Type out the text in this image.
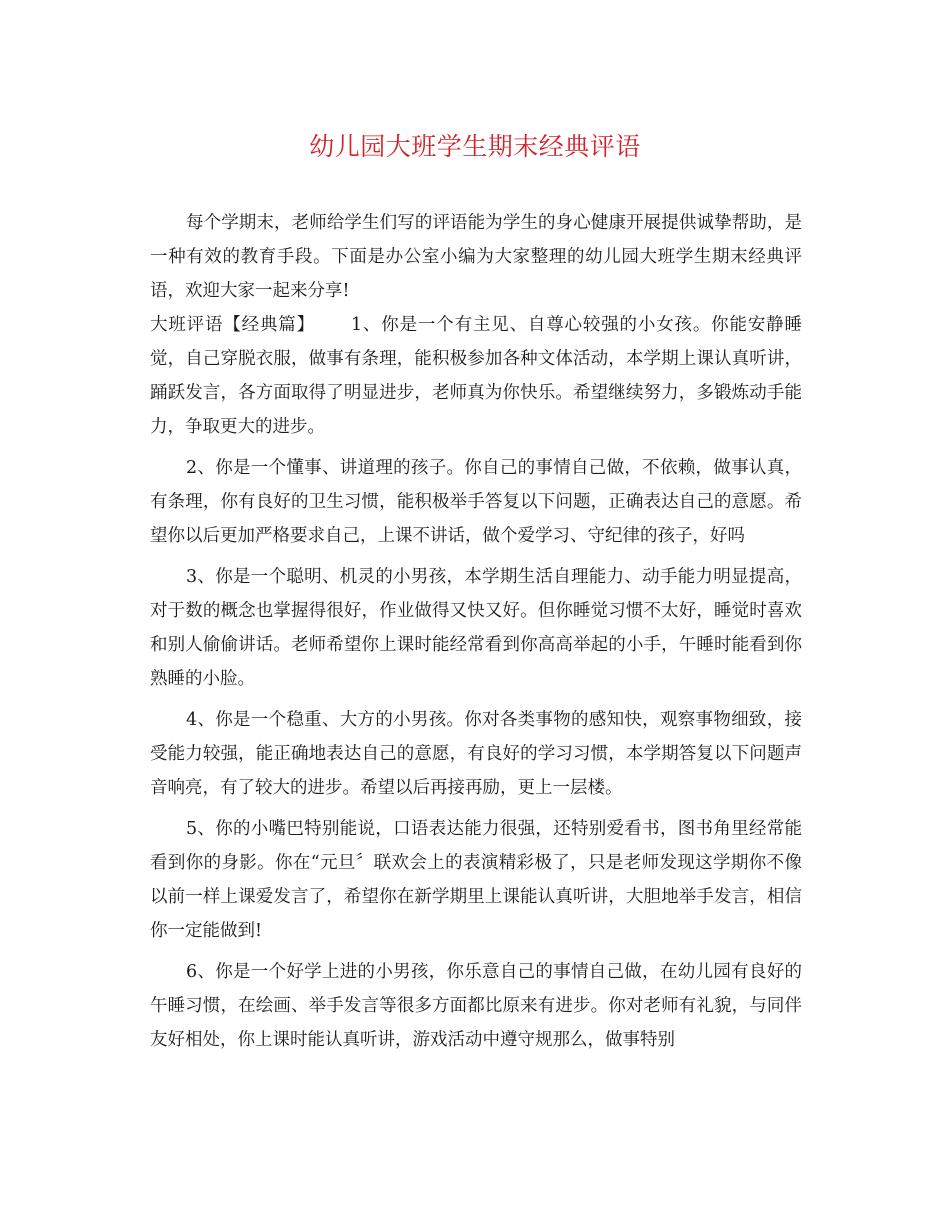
幼儿园大班学生期末经典评语

每个学期末，老师给学生们写的评语能为学生的身心健康开展提供诚挚帮助，是一种有效的教育手段。下面是办公室小编为大家整理的幼儿园大班学生期末经典评语，欢迎大家一起来分享!

大班评语【经典篇】 1、你是一个有主见、自尊心较强的小女孩。你能安静睡觉，自己穿脱衣服，做事有条理，能积极参加各种文体活动，本学期上课认真听讲，踊跃发言，各方面取得了明显进步，老师真为你快乐。希望继续努力，多锻炼动手能力，争取更大的进步。

2、你是一个懂事、讲道理的孩子。你自己的事情自己做，不依赖，做事认真，有条理，你有良好的卫生习惯，能积极举手答复以下问题，正确表达自己的意愿。希望你以后更加严格要求自己，上课不讲话，做个爱学习、守纪律的孩子，好吗

3、你是一个聪明、机灵的小男孩，本学期生活自理能力、动手能力明显提高，对于数的概念也掌握得很好，作业做得又快又好。但你睡觉习惯不太好，睡觉时喜欢和别人偷偷讲话。老师希望你上课时能经常看到你高高举起的小手，午睡时能看到你熟睡的小脸。

4、你是一个稳重、大方的小男孩。你对各类事物的感知快，观察事物细致，接受能力较强，能正确地表达自己的意愿，有良好的学习习惯，本学期答复以下问题声音响亮，有了较大的进步。希望以后再接再励，更上一层楼。

5、你的小嘴巴特别能说，口语表达能力很强，还特别爱看书，图书角里经常能看到你的身影。你在“元旦〞联欢会上的表演精彩极了，只是老师发现这学期你不像以前一样上课爱发言了，希望你在新学期里上课能认真听讲，大胆地举手发言，相信你一定能做到!

6、你是一个好学上进的小男孩，你乐意自己的事情自己做，在幼儿园有良好的午睡习惯，在绘画、举手发言等很多方面都比原来有进步。你对老师有礼貌，与同伴友好相处，你上课时能认真听讲，游戏活动中遵守规那么，做事特别
